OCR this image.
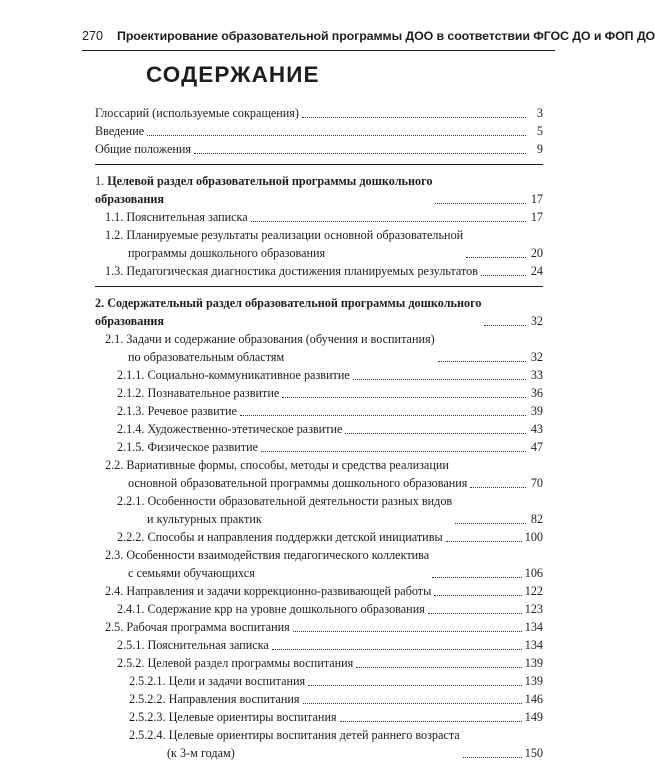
270 Проектирование образовательной программы ДОО в соответствии ФГОС ДО и ФОП ДО
СОДЕРЖАНИЕ
Глоссарий (используемые сокращения)	3
Введение	5
Общие положения	9
1. Целевой раздел образовательной программы дошкольного
образования	17
1.1. Пояснительная записка	17
1.2. Планируемые результаты реализации основной образовательной
программы дошкольного образования	20
1.3. Педагогическая диагностика достижения планируемых результатов	24
2. Содержательный раздел образовательной программы дошкольного
образования	32
2.1. Задачи и содержание образования (обучения и воспитания)
по образовательным областям	32
2.1.1. Социально-коммуникативное развитие	33
2.1.2. Познавательное развитие	36
2.1.3. Речевое развитие	39
2.1.4. Художественно-этетическое развитие	43
2.1.5. Физическое развитие	47
2.2. Вариативные формы, способы, методы и средства реализации
основной образовательной программы дошкольного образования	70
2.2.1. Особенности образовательной деятельности разных видов
и культурных практик	82
2.2.2. Способы и направления поддержки детской инициативы	100
2.3. Особенности взаимодействия педагогического коллектива
с семьями обучающихся	106
2.4. Направления и задачи коррекционно-развивающей работы	122
2.4.1. Содержание крр на уровне дошкольного образования	123
2.5. Рабочая программа воспитания	134
2.5.1. Пояснительная записка	134
2.5.2. Целевой раздел программы воспитания	139
2.5.2.1. Цели и задачи воспитания	139
2.5.2.2. Направления воспитания	146
2.5.2.3. Целевые ориентиры воспитания	149
2.5.2.4. Целевые ориентиры воспитания детей раннего возраста
(к 3-м годам)	150
